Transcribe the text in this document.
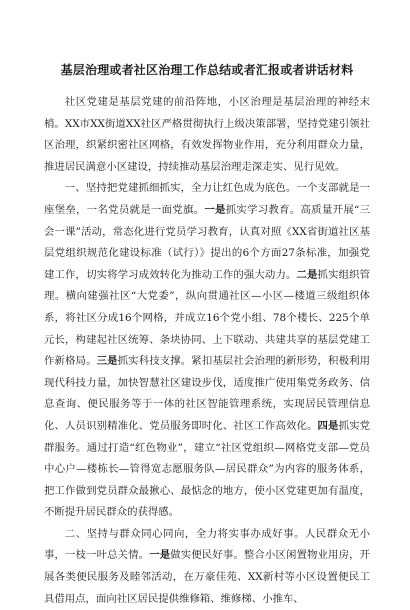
基层治理或者社区治理工作总结或者汇报或者讲话材料

社区党建是基层党建的前沿阵地，小区治理是基层治理的神经末梢。XX市XX街道XX社区严格贯彻执行上级决策部署，坚持党建引领社区治理，织紧织密社区网格，有效发挥物业作用，充分利用群众力量，推进居民满意小区建设，持续推动基层治理走深走实、见行见效。

一、坚持把党建抓细抓实，全力让红色成为底色。一个支部就是一座堡垒，一名党员就是一面党旗。一是抓实学习教育。高质量开展“三会一课”活动，常态化进行党员学习教育，认真对照《XX省街道社区基层党组织规范化建设标准（试行）》提出的6个方面27条标准，加强党建工作，切实将学习成效转化为推动工作的强大动力。二是抓实组织管理。横向建强社区“大党委”，纵向贯通社区—小区—楼道三级组织体系，将社区分成16个网格，并成立16个党小组、78个楼长、225个单元长，构建起社区统筹、条块协同、上下联动、共建共享的基层党建工作新格局。三是抓实科技支撑。紧扣基层社会治理的新形势，积极利用现代科技力量，加快智慧社区建设步伐，适度推广使用集党务政务、信息查询、便民服务等于一体的社区智能管理系统，实现居民管理信息化、人员识别精准化、党员服务即时化、社区工作高效化。四是抓实党群服务。通过打造“红色物业”，建立“社区党组织—网格党支部—党员中心户—楼栋长—管得宽志愿服务队—居民群众”为内容的服务体系，把工作做到党员群众最揪心、最惦念的地方，使小区党建更加有温度，不断提升居民群众的获得感。

二、坚持与群众同心同向，全力将实事办成好事。人民群众无小事，一枝一叶总关情。一是做实便民好事。整合小区闲置物业用房，开展各类便民服务及睦邻活动，在万豪佳苑、XX新村等小区设置便民工具借用点，面向社区居民提供维修箱、维修梯、小推车、
